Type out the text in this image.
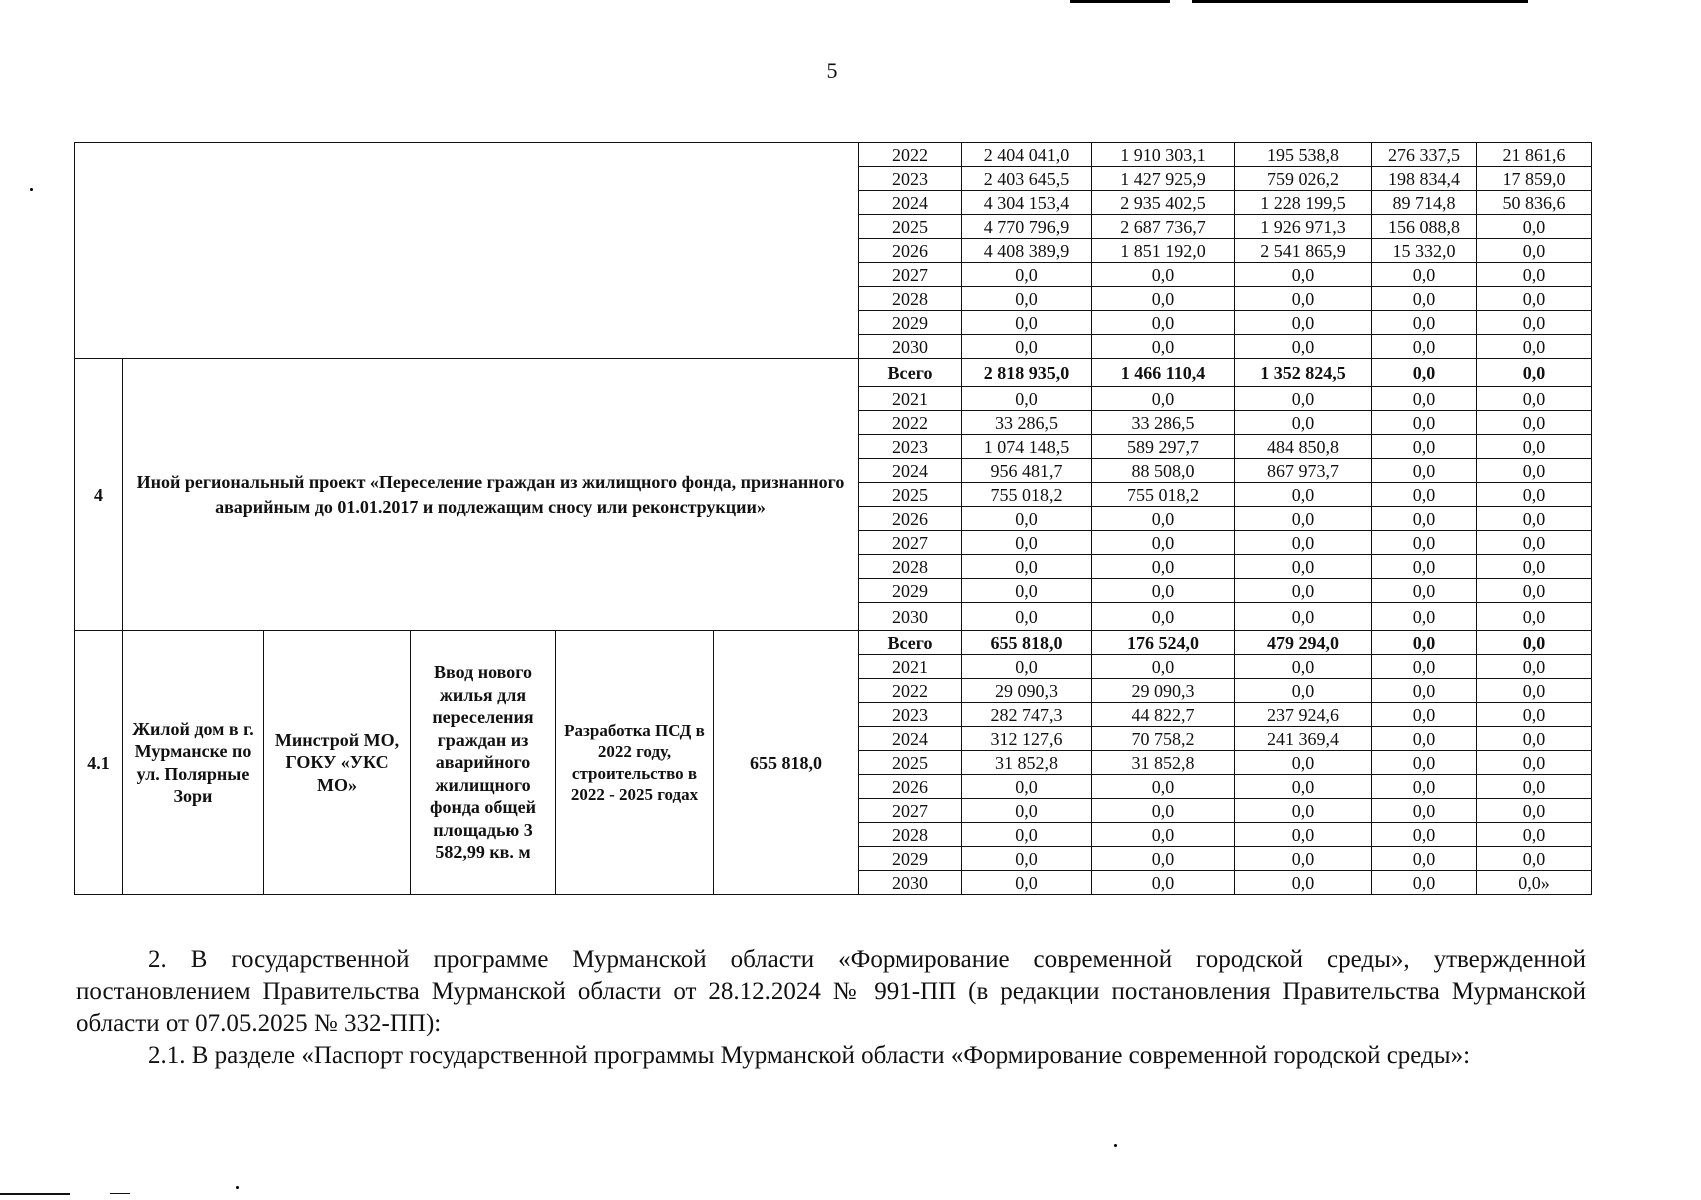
5
						2022	2 404 041,0	1 910 303,1	195 538,8	276 337,5	21 861,6
						2023	2 403 645,5	1 427 925,9	759 026,2	198 834,4	17 859,0
						2024	4 304 153,4	2 935 402,5	1 228 199,5	89 714,8	50 836,6
						2025	4 770 796,9	2 687 736,7	1 926 971,3	156 088,8	0,0
						2026	4 408 389,9	1 851 192,0	2 541 865,9	15 332,0	0,0
						2027	0,0	0,0	0,0	0,0	0,0
						2028	0,0	0,0	0,0	0,0	0,0
						2029	0,0	0,0	0,0	0,0	0,0
						2030	0,0	0,0	0,0	0,0	0,0
4	Иной региональный проект «Переселение граждан из жилищного фонда, признанного аварийным до 01.01.2017 и подлежащим сносу или реконструкции»					Всего	2 818 935,0	1 466 110,4	1 352 824,5	0,0	0,0
						2021	0,0	0,0	0,0	0,0	0,0
						2022	33 286,5	33 286,5	0,0	0,0	0,0
						2023	1 074 148,5	589 297,7	484 850,8	0,0	0,0
						2024	956 481,7	88 508,0	867 973,7	0,0	0,0
						2025	755 018,2	755 018,2	0,0	0,0	0,0
						2026	0,0	0,0	0,0	0,0	0,0
						2027	0,0	0,0	0,0	0,0	0,0
						2028	0,0	0,0	0,0	0,0	0,0
						2029	0,0	0,0	0,0	0,0	0,0
						2030	0,0	0,0	0,0	0,0	0,0
4.1	Жилой дом в г. Мурманске по ул. Полярные Зори	Минстрой МО, ГОКУ «УКС МО»	Ввод нового жилья для переселения граждан из аварийного жилищного фонда общей площадью 3 582,99 кв. м	Разработка ПСД в 2022 году, строительство в 2022 - 2025 годах	655 818,0	Всего	655 818,0	176 524,0	479 294,0	0,0	0,0
						2021	0,0	0,0	0,0	0,0	0,0
						2022	29 090,3	29 090,3	0,0	0,0	0,0
						2023	282 747,3	44 822,7	237 924,6	0,0	0,0
						2024	312 127,6	70 758,2	241 369,4	0,0	0,0
						2025	31 852,8	31 852,8	0,0	0,0	0,0
						2026	0,0	0,0	0,0	0,0	0,0
						2027	0,0	0,0	0,0	0,0	0,0
						2028	0,0	0,0	0,0	0,0	0,0
						2029	0,0	0,0	0,0	0,0	0,0
						2030	0,0	0,0	0,0	0,0	0,0»

2. В государственной программе Мурманской области «Формирование современной городской среды», утвержденной постановлением Правительства Мурманской области от 28.12.2024 № 991-ПП (в редакции постановления Правительства Мурманской области от 07.05.2025 № 332-ПП):

2.1. В разделе «Паспорт государственной программы Мурманской области «Формирование современной городской среды»:
